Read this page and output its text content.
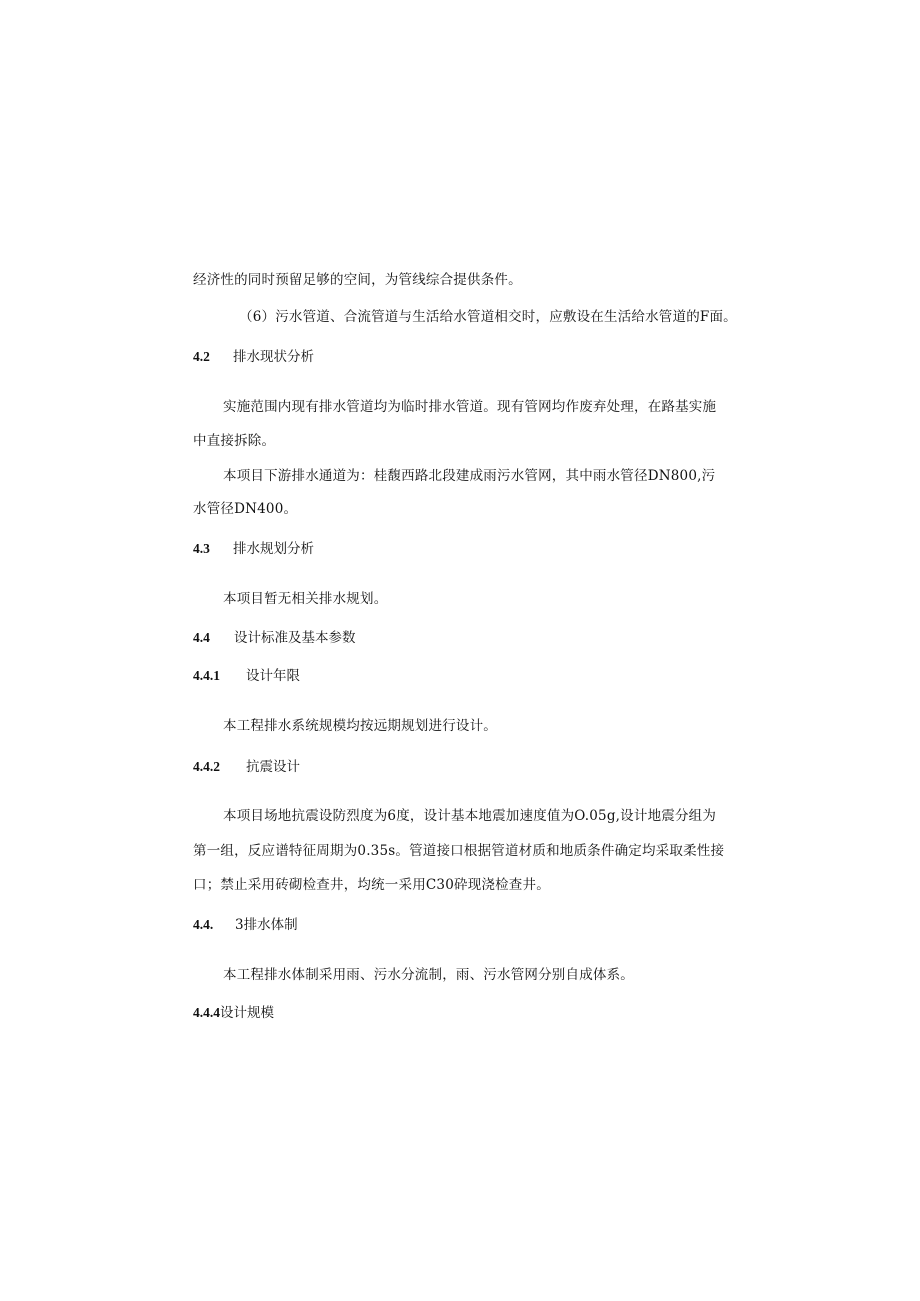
经济性的同时预留足够的空间，为管线综合提供条件。
（6）污水管道、合流管道与生活给水管道相交时，应敷设在生活给水管道的F面。
4.2 排水现状分析
实施范围内现有排水管道均为临时排水管道。现有管网均作废弃处理，在路基实施
中直接拆除。
本项目下游排水通道为：桂馥西路北段建成雨污水管网，其中雨水管径DN800,污
水管径DN400。
4.3 排水规划分析
本项目暂无相关排水规划。
4.4 设计标准及基本参数
4.4.1 设计年限
本工程排水系统规模均按远期规划进行设计。
4.4.2 抗震设计
本项目场地抗震设防烈度为6度，设计基本地震加速度值为O.05g,设计地震分组为
第一组，反应谱特征周期为0.35s。管道接口根据管道材质和地质条件确定均采取柔性接
口；禁止采用砖砌检查井，均统一采用C30砕现浇检查井。
4.4. 3排水体制
本工程排水体制采用雨、污水分流制，雨、污水管网分别自成体系。
4.4.4设计规模
